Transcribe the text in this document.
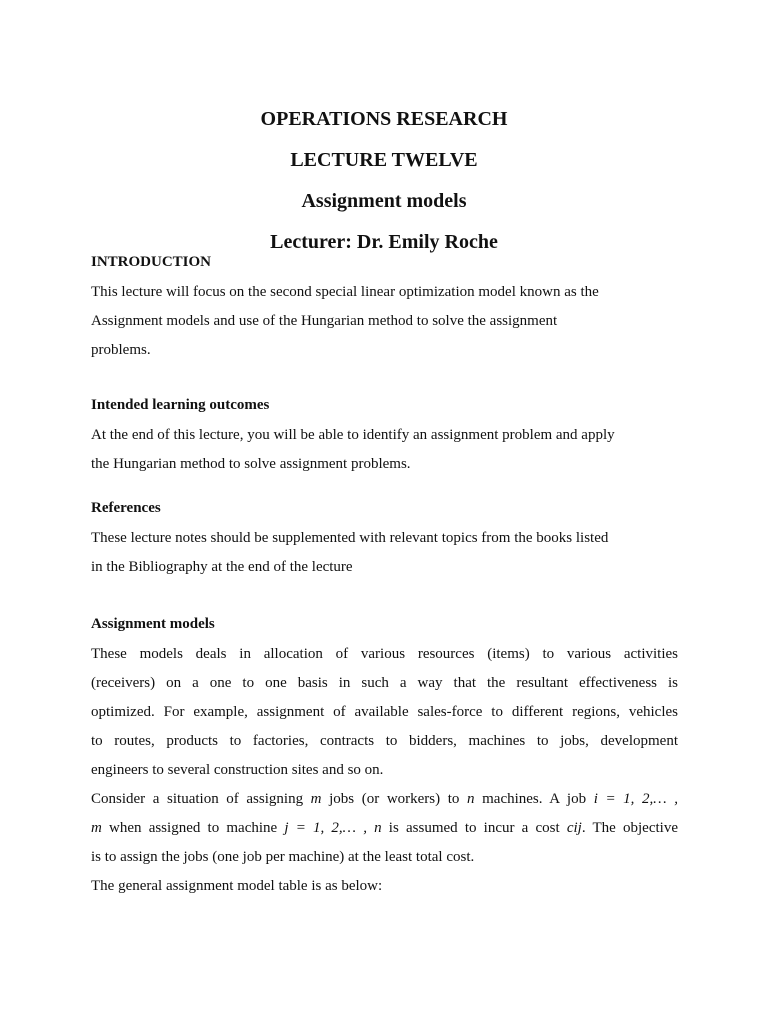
OPERATIONS RESEARCH
LECTURE TWELVE
Assignment models
Lecturer: Dr. Emily Roche
INTRODUCTION
This lecture will focus on the second special linear optimization model known as the
Assignment models and use of the Hungarian method to solve the assignment
problems.
Intended learning outcomes
At the end of this lecture, you will be able to identify an assignment problem and apply
the Hungarian method to solve assignment problems.
References
These lecture notes should be supplemented with relevant topics from the books listed
in the Bibliography at the end of the lecture
Assignment models
These models deals in allocation of various resources (items) to various activities
(receivers) on a one to one basis in such a way that the resultant effectiveness is
optimized. For example, assignment of available sales-force to different regions, vehicles
to routes, products to factories, contracts to bidders, machines to jobs, development
engineers to several construction sites and so on.
Consider a situation of assigning m jobs (or workers) to n machines. A job i = 1, 2,… ,
m when assigned to machine j = 1, 2,… , n is assumed to incur a cost cij. The objective
is to assign the jobs (one job per machine) at the least total cost.
The general assignment model table is as below:
